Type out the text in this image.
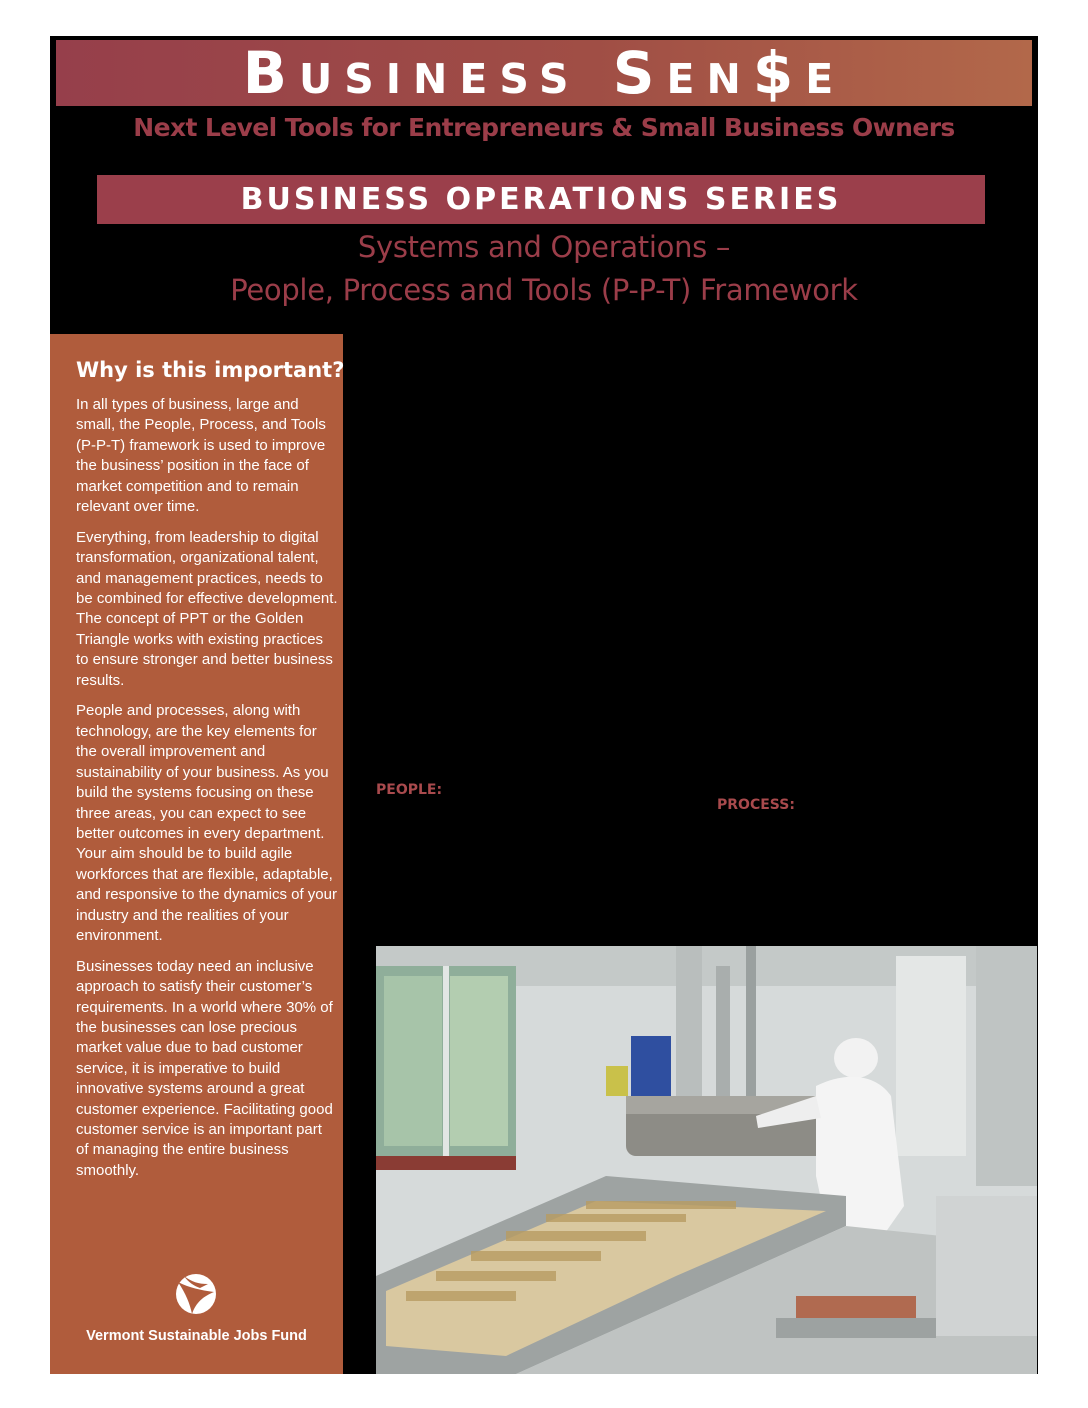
Business Sen$e
Next Level Tools for Entrepreneurs & Small Business Owners
BUSINESS OPERATIONS SERIES
Systems and Operations –
People, Process and Tools (P-P-T) Framework
Why is this important?

In all types of business, large and small, the People, Process, and Tools (P-P-T) framework is used to improve the business’ position in the face of market competition and to remain relevant over time.

Everything, from leadership to digital transformation, organizational talent, and management practices, needs to be combined for effective development. The concept of PPT or the Golden Triangle works with existing practices to ensure stronger and better business results.

People and processes, along with technology, are the key elements for the overall improvement and sustainability of your business. As you build the systems focusing on these three areas, you can expect to see better outcomes in every department. Your aim should be to build agile workforces that are flexible, adaptable, and responsive to the dynamics of your industry and the realities of your environment.

Businesses today need an inclusive approach to satisfy their customer’s requirements. In a world where 30% of the businesses can lose precious market value due to bad customer service, it is imperative to build innovative systems around a great customer experience. Facilitating good customer service is an important part of managing the entire business smoothly.

Vermont Sustainable Jobs Fund
PEOPLE:
PROCESS:
